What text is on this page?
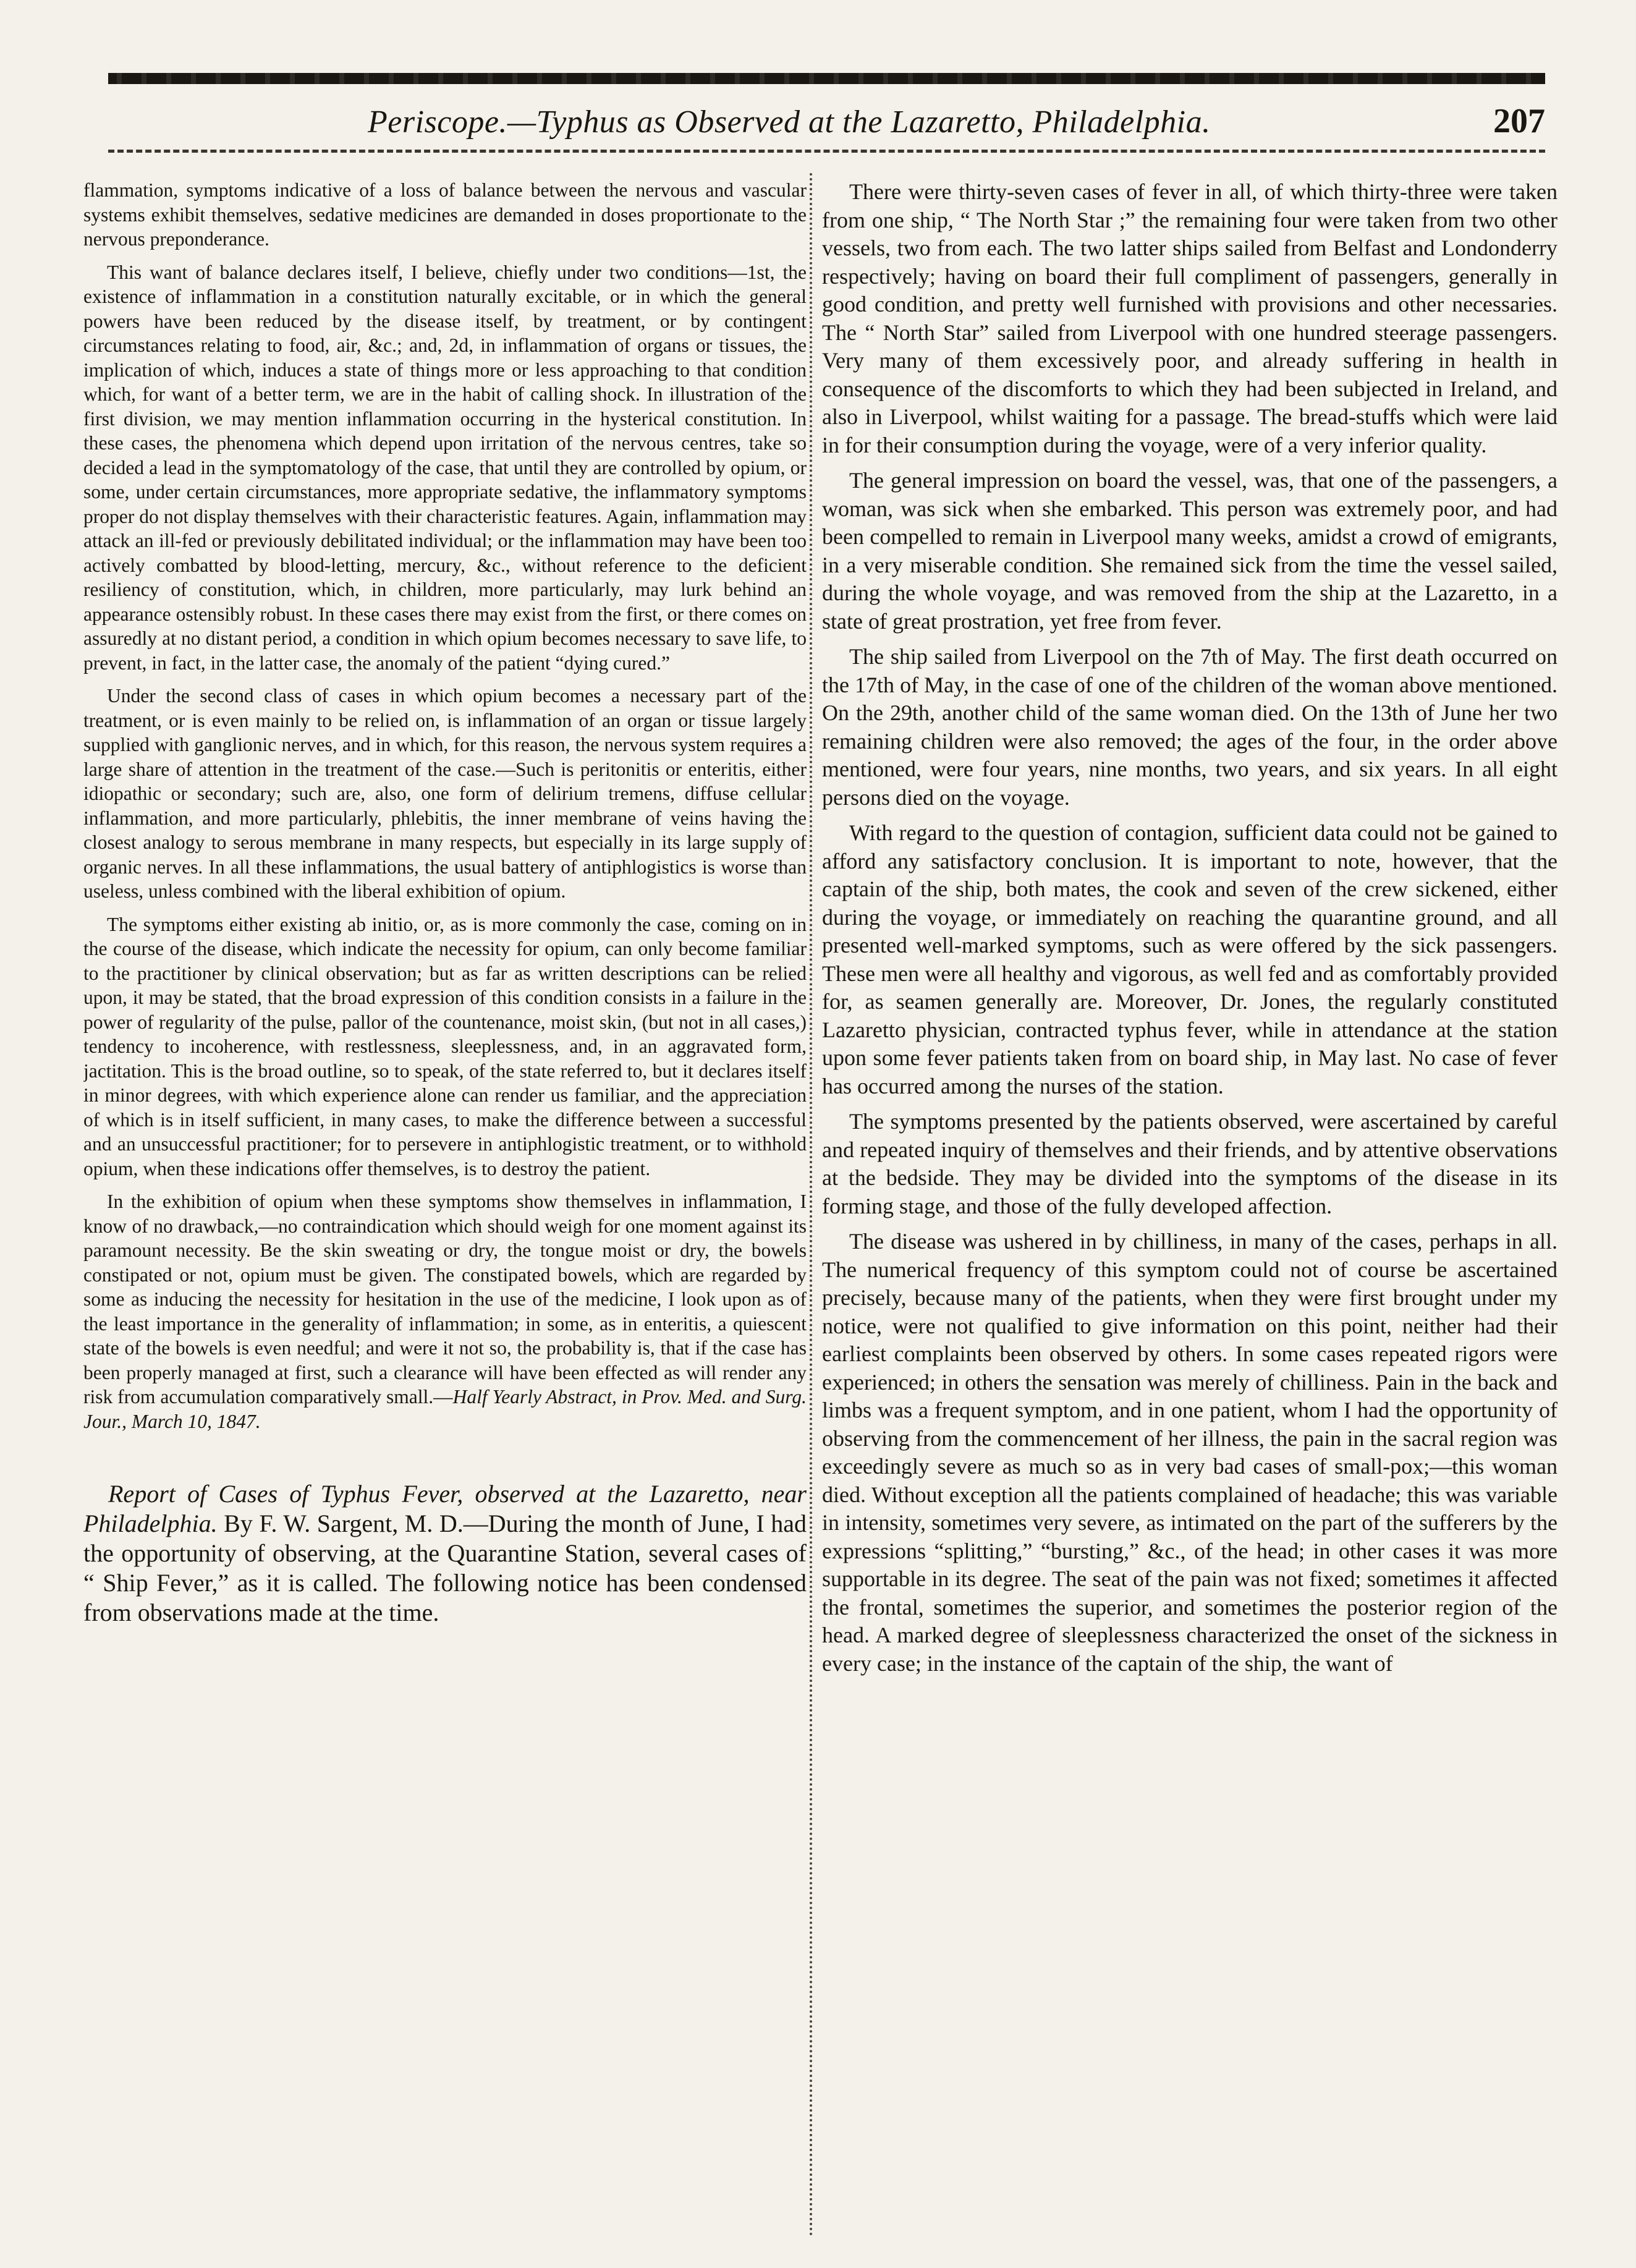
Periscope.—Typhus as Observed at the Lazaretto, Philadelphia.	207

flammation, symptoms indicative of a loss of balance between the nervous and vascular systems exhibit themselves, sedative medicines are demanded in doses proportionate to the nervous preponderance.

This want of balance declares itself, I believe, chiefly under two conditions—1st, the existence of inflammation in a constitution naturally excitable, or in which the general powers have been reduced by the disease itself, by treatment, or by contingent circumstances relating to food, air, &c.; and, 2d, in inflammation of organs or tissues, the implication of which, induces a state of things more or less approaching to that condition which, for want of a better term, we are in the habit of calling shock. In illustration of the first division, we may mention inflammation occurring in the hysterical constitution. In these cases, the phenomena which depend upon irritation of the nervous centres, take so decided a lead in the symptomatology of the case, that until they are controlled by opium, or some, under certain circumstances, more appropriate sedative, the inflammatory symptoms proper do not display themselves with their characteristic features. Again, inflammation may attack an ill-fed or previously debilitated individual; or the inflammation may have been too actively combatted by blood-letting, mercury, &c., without reference to the deficient resiliency of constitution, which, in children, more particularly, may lurk behind an appearance ostensibly robust. In these cases there may exist from the first, or there comes on assuredly at no distant period, a condition in which opium becomes necessary to save life, to prevent, in fact, in the latter case, the anomaly of the patient “dying cured.”

Under the second class of cases in which opium becomes a necessary part of the treatment, or is even mainly to be relied on, is inflammation of an organ or tissue largely supplied with ganglionic nerves, and in which, for this reason, the nervous system requires a large share of attention in the treatment of the case.—Such is peritonitis or enteritis, either idiopathic or secondary; such are, also, one form of delirium tremens, diffuse cellular inflammation, and more particularly, phlebitis, the inner membrane of veins having the closest analogy to serous membrane in many respects, but especially in its large supply of organic nerves. In all these inflammations, the usual battery of antiphlogistics is worse than useless, unless combined with the liberal exhibition of opium.

The symptoms either existing ab initio, or, as is more commonly the case, coming on in the course of the disease, which indicate the necessity for opium, can only become familiar to the practitioner by clinical observation; but as far as written descriptions can be relied upon, it may be stated, that the broad expression of this condition consists in a failure in the power of regularity of the pulse, pallor of the countenance, moist skin, (but not in all cases,) tendency to incoherence, with restlessness, sleeplessness, and, in an aggravated form, jactitation. This is the broad outline, so to speak, of the state referred to, but it declares itself in minor degrees, with which experience alone can render us familiar, and the appreciation of which is in itself sufficient, in many cases, to make the difference between a successful and an unsuccessful practitioner; for to persevere in antiphlogistic treatment, or to withhold opium, when these indications offer themselves, is to destroy the patient.

In the exhibition of opium when these symptoms show themselves in inflammation, I know of no drawback,—no contraindication which should weigh for one moment against its paramount necessity. Be the skin sweating or dry, the tongue moist or dry, the bowels constipated or not, opium must be given. The constipated bowels, which are regarded by some as inducing the necessity for hesitation in the use of the medicine, I look upon as of the least importance in the generality of inflammation; in some, as in enteritis, a quiescent state of the bowels is even needful; and were it not so, the probability is, that if the case has been properly managed at first, such a clearance will have been effected as will render any risk from accumulation comparatively small.—Half Yearly Abstract, in Prov. Med. and Surg. Jour., March 10, 1847.

Report of Cases of Typhus Fever, observed at the Lazaretto, near Philadelphia. By F. W. Sargent, M. D.—During the month of June, I had the opportunity of observing, at the Quarantine Station, several cases of “ Ship Fever,” as it is called. The following notice has been condensed from observations made at the time.

There were thirty-seven cases of fever in all, of which thirty-three were taken from one ship, “ The North Star ;” the remaining four were taken from two other vessels, two from each. The two latter ships sailed from Belfast and Londonderry respectively; having on board their full compliment of passengers, generally in good condition, and pretty well furnished with provisions and other necessaries. The “ North Star” sailed from Liverpool with one hundred steerage passengers. Very many of them excessively poor, and already suffering in health in consequence of the discomforts to which they had been subjected in Ireland, and also in Liverpool, whilst waiting for a passage. The bread-stuffs which were laid in for their consumption during the voyage, were of a very inferior quality.

The general impression on board the vessel, was, that one of the passengers, a woman, was sick when she embarked. This person was extremely poor, and had been compelled to remain in Liverpool many weeks, amidst a crowd of emigrants, in a very miserable condition. She remained sick from the time the vessel sailed, during the whole voyage, and was removed from the ship at the Lazaretto, in a state of great prostration, yet free from fever.

The ship sailed from Liverpool on the 7th of May. The first death occurred on the 17th of May, in the case of one of the children of the woman above mentioned. On the 29th, another child of the same woman died. On the 13th of June her two remaining children were also removed; the ages of the four, in the order above mentioned, were four years, nine months, two years, and six years. In all eight persons died on the voyage.

With regard to the question of contagion, sufficient data could not be gained to afford any satisfactory conclusion. It is important to note, however, that the captain of the ship, both mates, the cook and seven of the crew sickened, either during the voyage, or immediately on reaching the quarantine ground, and all presented well-marked symptoms, such as were offered by the sick passengers. These men were all healthy and vigorous, as well fed and as comfortably provided for, as seamen generally are. Moreover, Dr. Jones, the regularly constituted Lazaretto physician, contracted typhus fever, while in attendance at the station upon some fever patients taken from on board ship, in May last. No case of fever has occurred among the nurses of the station.

The symptoms presented by the patients observed, were ascertained by careful and repeated inquiry of themselves and their friends, and by attentive observations at the bedside. They may be divided into the symptoms of the disease in its forming stage, and those of the fully developed affection.

The disease was ushered in by chilliness, in many of the cases, perhaps in all. The numerical frequency of this symptom could not of course be ascertained precisely, because many of the patients, when they were first brought under my notice, were not qualified to give information on this point, neither had their earliest complaints been observed by others. In some cases repeated rigors were experienced; in others the sensation was merely of chilliness. Pain in the back and limbs was a frequent symptom, and in one patient, whom I had the opportunity of observing from the commencement of her illness, the pain in the sacral region was exceedingly severe as much so as in very bad cases of small-pox;—this woman died. Without exception all the patients complained of headache; this was variable in intensity, sometimes very severe, as intimated on the part of the sufferers by the expressions “splitting,” “bursting,” &c., of the head; in other cases it was more supportable in its degree. The seat of the pain was not fixed; sometimes it affected the frontal, sometimes the superior, and sometimes the posterior region of the head. A marked degree of sleeplessness characterized the onset of the sickness in every case; in the instance of the captain of the ship, the want of
